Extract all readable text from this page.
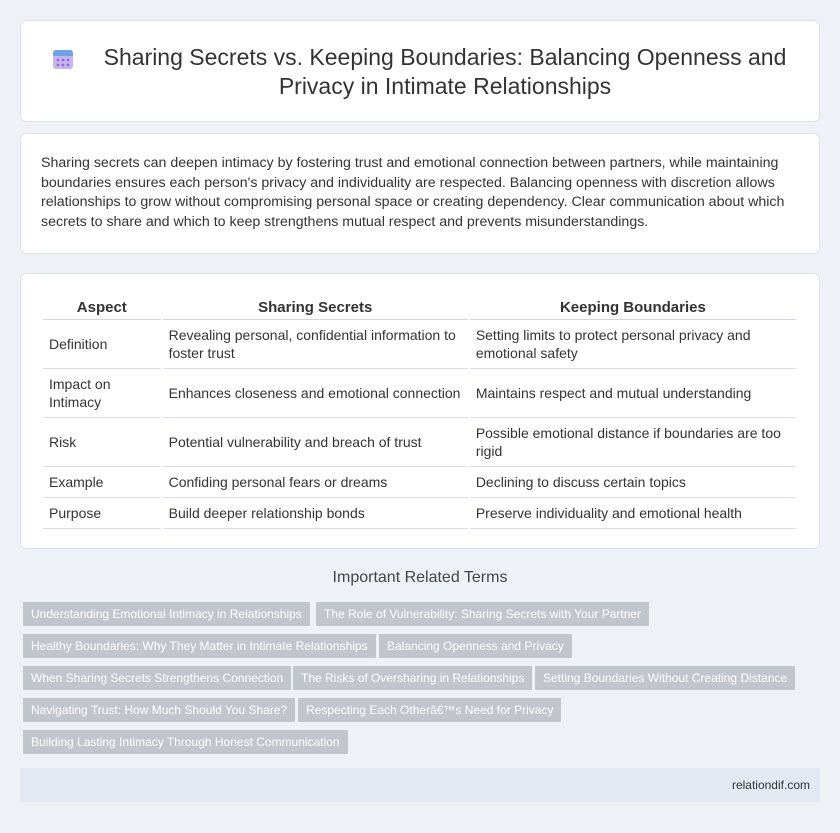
Sharing Secrets vs. Keeping Boundaries: Balancing Openness and Privacy in Intimate Relationships

Sharing secrets can deepen intimacy by fostering trust and emotional connection between partners, while maintaining boundaries ensures each person's privacy and individuality are respected. Balancing openness with discretion allows relationships to grow without compromising personal space or creating dependency. Clear communication about which secrets to share and which to keep strengthens mutual respect and prevents misunderstandings.

Aspect	Sharing Secrets	Keeping Boundaries
Definition	Revealing personal, confidential information to foster trust	Setting limits to protect personal privacy and emotional safety
Impact on Intimacy	Enhances closeness and emotional connection	Maintains respect and mutual understanding
Risk	Potential vulnerability and breach of trust	Possible emotional distance if boundaries are too rigid
Example	Confiding personal fears or dreams	Declining to discuss certain topics
Purpose	Build deeper relationship bonds	Preserve individuality and emotional health
Important Related Terms
Understanding Emotional Intimacy in Relationships	The Role of Vulnerability: Sharing Secrets with Your Partner
Healthy Boundaries: Why They Matter in Intimate Relationships	Balancing Openness and Privacy
When Sharing Secrets Strengthens Connection	The Risks of Oversharing in Relationships	Setting Boundaries Without Creating Distance
Navigating Trust: How Much Should You Share?	Respecting Each Otherâ€™s Need for Privacy
Building Lasting Intimacy Through Honest Communication
relationdif.com
